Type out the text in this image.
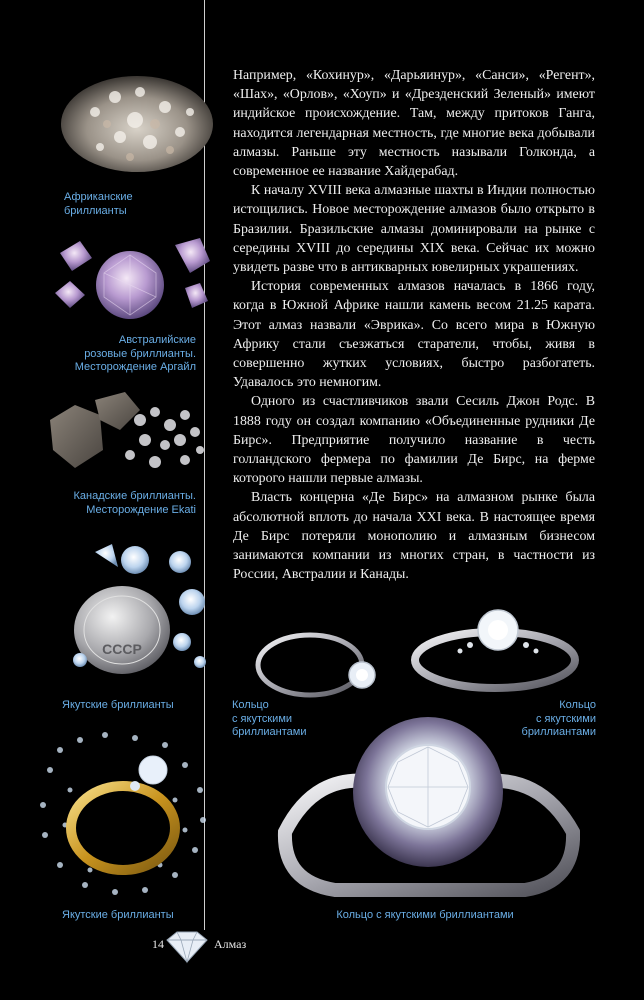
Африканские
бриллианты
Австралийские
розовые бриллианты.
Месторождение Аргайл
Канадские бриллианты.
Месторождение Ekati
СССР
Якутские бриллианты
Якутские бриллианты

Например, «Кохинур», «Дарьяинур», «Санси», «Регент», «Шах», «Орлов», «Хоуп» и «Дрезденский Зеленый» имеют индийское происхождение. Там, между притоков Ганга, находится легендарная местность, где многие века добывали алмазы. Раньше эту местность называли Голконда, а современное ее название Хайдерабад.

К началу XVIII века алмазные шахты в Индии полностью истощились. Новое месторождение алмазов было открыто в Бразилии. Бразильские алмазы доминировали на рынке с середины XVIII до середины XIX века. Сейчас их можно увидеть разве что в антикварных ювелирных украшениях.

История современных алмазов началась в 1866 году, когда в Южной Африке нашли камень весом 21.25 карата. Этот алмаз назвали «Эврика». Со всего мира в Южную Африку стали съезжаться старатели, чтобы, живя в совершенно жутких условиях, быстро разбогатеть. Удавалось это немногим.

Одного из счастливчиков звали Сесиль Джон Родс. В 1888 году он создал компанию «Объединенные рудники Де Бирс». Предприятие получило название в честь голландского фермера по фамилии Де Бирс, на ферме которого нашли первые алмазы.

Власть концерна «Де Бирс» на алмазном рынке была абсолютной вплоть до начала XXI века. В настоящее время Де Бирс потеряли монополию и алмазным бизнесом занимаются компании из многих стран, в частности из России, Австралии и Канады.

Кольцо
с якутскими
бриллиантами
Кольцо
с якутскими
бриллиантами
Кольцо с якутскими бриллиантами
14	Алмаз
